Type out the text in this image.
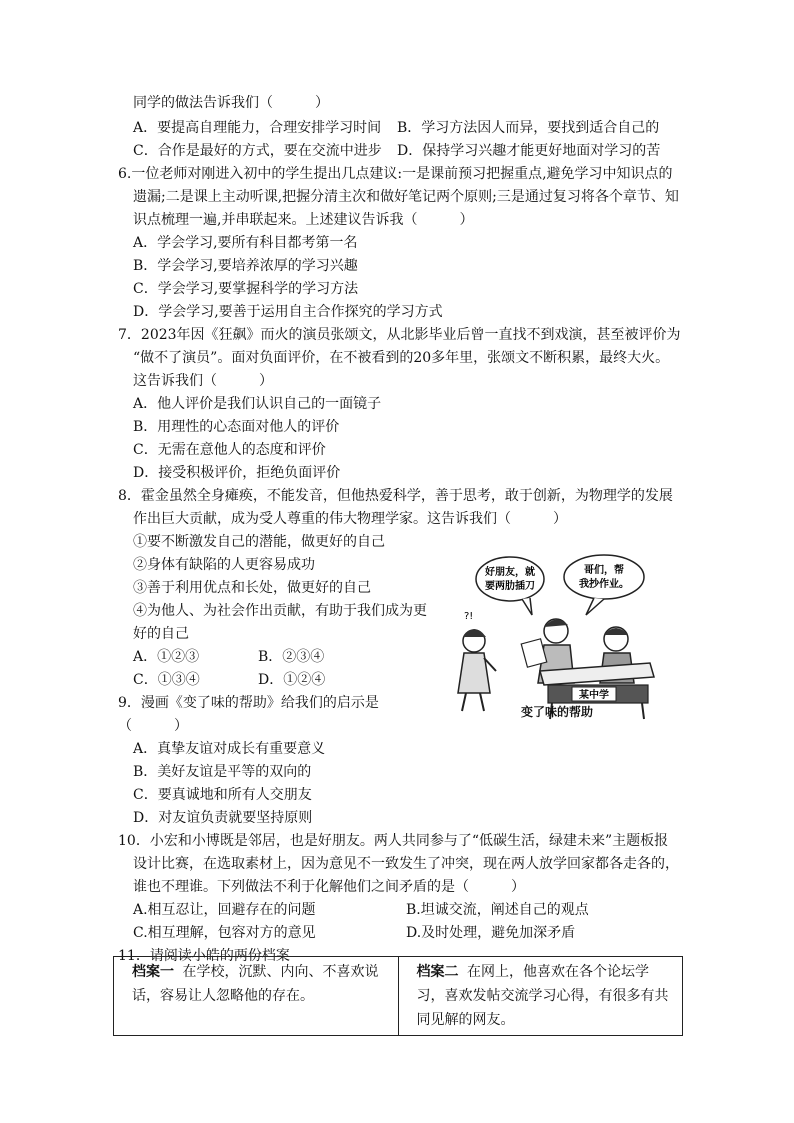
同学的做法告诉我们（　　　）
A．要提高自理能力，合理安排学习时间 B．学习方法因人而异，要找到适合自己的
C．合作是最好的方式，要在交流中进步 D．保持学习兴趣才能更好地面对学习的苦
6.一位老师对刚进入初中的学生提出几点建议:一是课前预习把握重点,避免学习中知识点的
遗漏;二是课上主动听课,把握分清主次和做好笔记两个原则;三是通过复习将各个章节、知
识点梳理一遍,并串联起来。上述建议告诉我（　　　）
A．学会学习,要所有科目都考第一名
B．学会学习,要培养浓厚的学习兴趣
C．学会学习,要掌握科学的学习方法
D．学会学习,要善于运用自主合作探究的学习方式
7．2023年因《狂飙》而火的演员张颂文，从北影毕业后曾一直找不到戏演，甚至被评价为
“做不了演员”。面对负面评价，在不被看到的20多年里，张颂文不断积累，最终大火。
这告诉我们（　　　）
A．他人评价是我们认识自己的一面镜子
B．用理性的心态面对他人的评价
C．无需在意他人的态度和评价
D．接受积极评价，拒绝负面评价
8．霍金虽然全身瘫痪，不能发音，但他热爱科学，善于思考，敢于创新，为物理学的发展
作出巨大贡献，成为受人尊重的伟大物理学家。这告诉我们（　　　）
①要不断激发自己的潜能，做更好的自己
②身体有缺陷的人更容易成功
③善于利用优点和长处，做更好的自己
④为他人、为社会作出贡献，有助于我们成为更
好的自己
A．①②③	B．②③④
C．①③④	D．①②④
9．漫画《变了味的帮助》给我们的启示是
（　　　）
A．真挚友谊对成长有重要意义
B．美好友谊是平等的双向的
C．要真诚地和所有人交朋友
D．对友谊负责就要坚持原则
10．小宏和小博既是邻居，也是好朋友。两人共同参与了“低碳生活，绿建未来”主题板报
设计比赛，在选取素材上，因为意见不一致发生了冲突，现在两人放学回家都各走各的，
谁也不理谁。下列做法不利于化解他们之间矛盾的是（　　　）
A.相互忍让，回避存在的问题	B.坦诚交流，阐述自己的观点
C.相互理解，包容对方的意见	D.及时处理，避免加深矛盾
11．请阅读小皓的两份档案
?!
某中学
好朋友，就
要两肋插刀
哥们，帮
我抄作业。
变了味的帮助
档案一 在学校，沉默、内向、不喜欢说话，容易让人忽略他的存在。	档案二 在网上，他喜欢在各个论坛学习，喜欢发帖交流学习心得，有很多有共同见解的网友。
